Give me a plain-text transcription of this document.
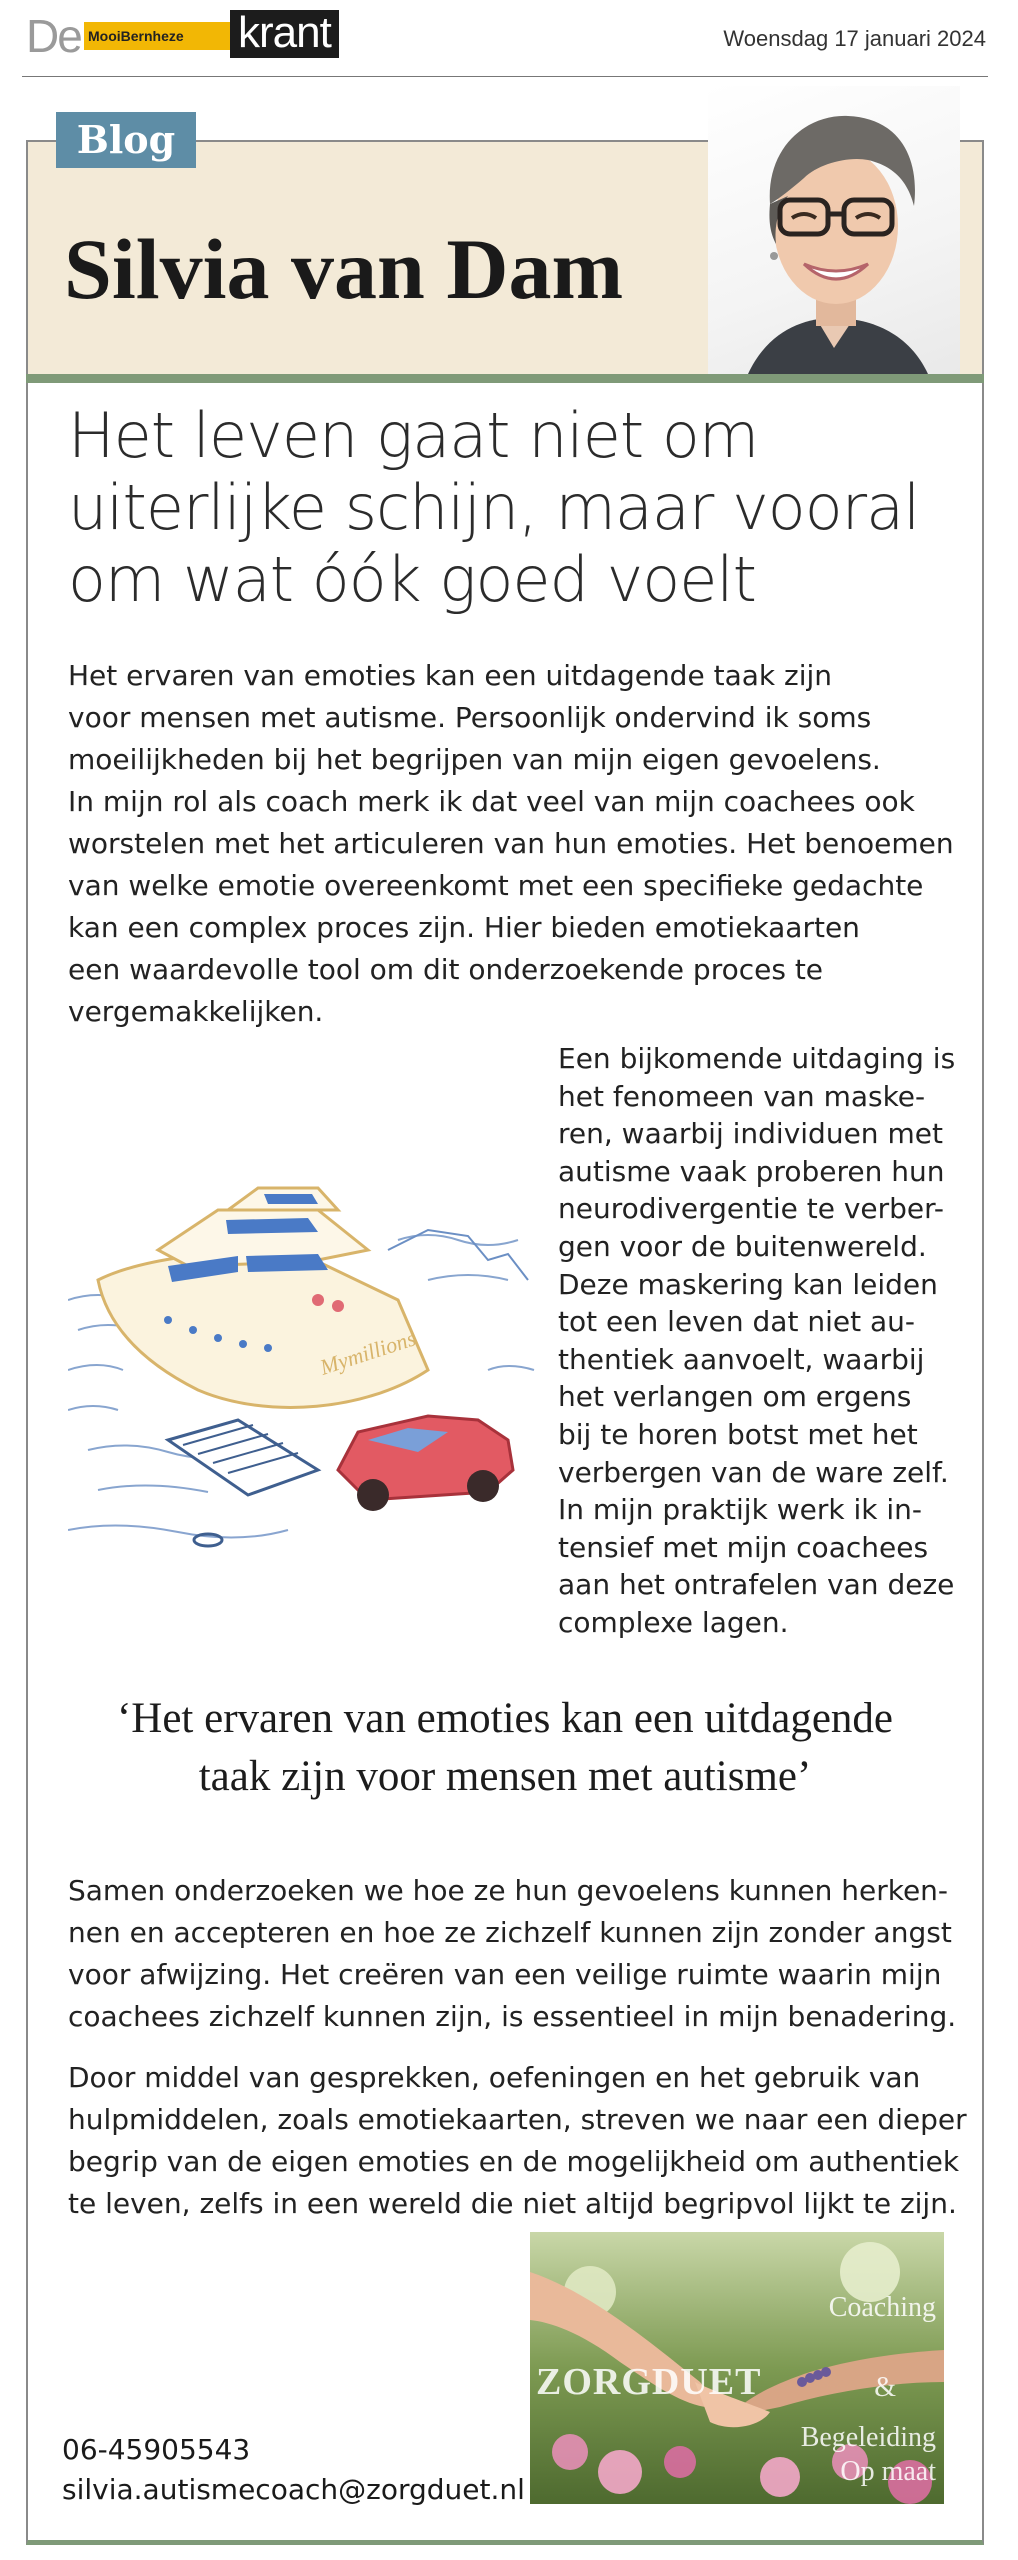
De MooiBernheze	krant	Woensdag 17 januari 2024
Blog
Silvia van Dam
Het leven gaat niet om
uiterlijke schijn, maar vooral
om wat óók goed voelt
Het ervaren van emoties kan een uitdagende taak zijn
voor mensen met autisme. Persoonlijk ondervind ik soms
moeilijkheden bij het begrijpen van mijn eigen gevoelens.
In mijn rol als coach merk ik dat veel van mijn coachees ook
worstelen met het articuleren van hun emoties. Het benoemen
van welke emotie overeenkomt met een specifieke gedachte
kan een complex proces zijn. Hier bieden emotiekaarten
een waardevolle tool om dit onderzoekende proces te
vergemakkelijken.
Mymillions
Een bijkomende uitdaging is
het fenomeen van maske-
ren, waarbij individuen met
autisme vaak proberen hun
neurodivergentie te verber-
gen voor de buitenwereld.
Deze maskering kan leiden
tot een leven dat niet au-
thentiek aanvoelt, waarbij
het verlangen om ergens
bij te horen botst met het
verbergen van de ware zelf.
In mijn praktijk werk ik in-
tensief met mijn coachees
aan het ontrafelen van deze
complexe lagen.
‘Het ervaren van emoties kan een uitdagende
taak zijn voor mensen met autisme’
Samen onderzoeken we hoe ze hun gevoelens kunnen herken-
nen en accepteren en hoe ze zichzelf kunnen zijn zonder angst
voor afwijzing. Het creëren van een veilige ruimte waarin mijn
coachees zichzelf kunnen zijn, is essentieel in mijn benadering.
Door middel van gesprekken, oefeningen en het gebruik van
hulpmiddelen, zoals emotiekaarten, streven we naar een dieper
begrip van de eigen emoties en de mogelijkheid om authentiek
te leven, zelfs in een wereld die niet altijd begripvol lijkt te zijn.
06-45905543
silvia.autismecoach@zorgduet.nl
ZORGDUET
Coaching
&
Begeleiding
Op maat
